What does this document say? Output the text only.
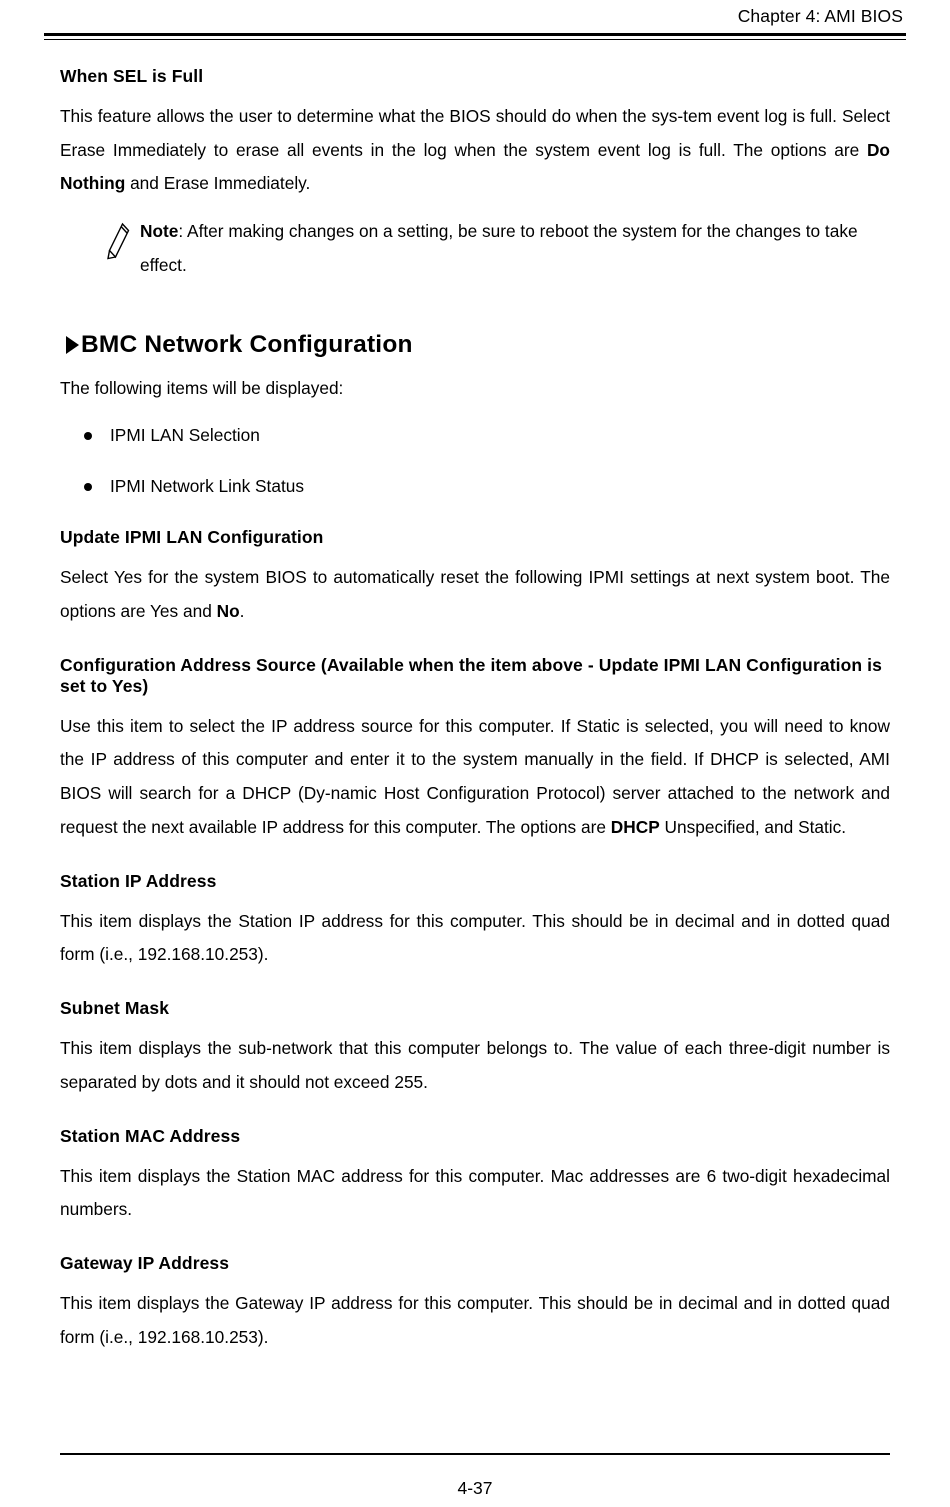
Chapter 4: AMI BIOS
When SEL is Full

This feature allows the user to determine what the BIOS should do when the sys-tem event log is full. Select Erase Immediately to erase all events in the log when the system event log is full. The options are Do Nothing and Erase Immediately.

Note: After making changes on a setting, be sure to reboot the system for the changes to take effect.

BMC Network Configuration

The following items will be displayed:

IPMI LAN Selection
IPMI Network Link Status
Update IPMI LAN Configuration

Select Yes for the system BIOS to automatically reset the following IPMI settings at next system boot. The options are Yes and No.

Configuration Address Source (Available when the item above - Update IPMI LAN Configuration is set to Yes)

Use this item to select the IP address source for this computer. If Static is selected, you will need to know the IP address of this computer and enter it to the system manually in the field. If DHCP is selected, AMI BIOS will search for a DHCP (Dy-namic Host Configuration Protocol) server attached to the network and request the next available IP address for this computer. The options are DHCP Unspecified, and Static.

Station IP Address

This item displays the Station IP address for this computer. This should be in decimal and in dotted quad form (i.e., 192.168.10.253).

Subnet Mask

This item displays the sub-network that this computer belongs to. The value of each three-digit number is separated by dots and it should not exceed 255.

Station MAC Address

This item displays the Station MAC address for this computer. Mac addresses are 6 two-digit hexadecimal numbers.

Gateway IP Address

This item displays the Gateway IP address for this computer. This should be in decimal and in dotted quad form (i.e., 192.168.10.253).

4-37
